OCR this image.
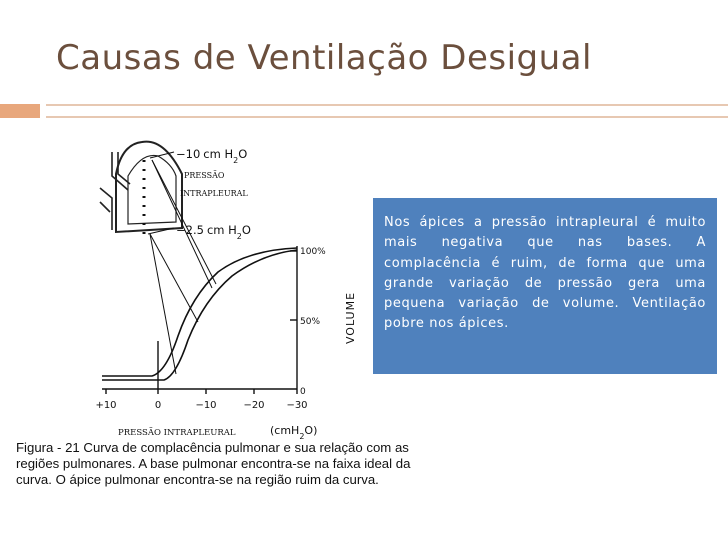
Causas de Ventilação Desigual
−10 cm $H_2O$
PRESSÃO
INTRAPLEURAL
−2.5 cm $H_2O$
100%
50%
0
VOLUME
+10	0	−10	−20 −30
PRESSÃO INTRAPLEURAL	(cmH$_2$O)

Figura - 21 Curva de complacência pulmonar e sua relação com as regiões pulmonares. A base pulmonar encontra-se na faixa ideal da curva. O ápice pulmonar encontra-se na região ruim da curva.

Nos ápices a pressão intrapleural é muito mais negativa que nas bases. A complacência é ruim, de forma que uma grande variação de pressão gera uma pequena variação de volume. Ventilação pobre nos ápices.
